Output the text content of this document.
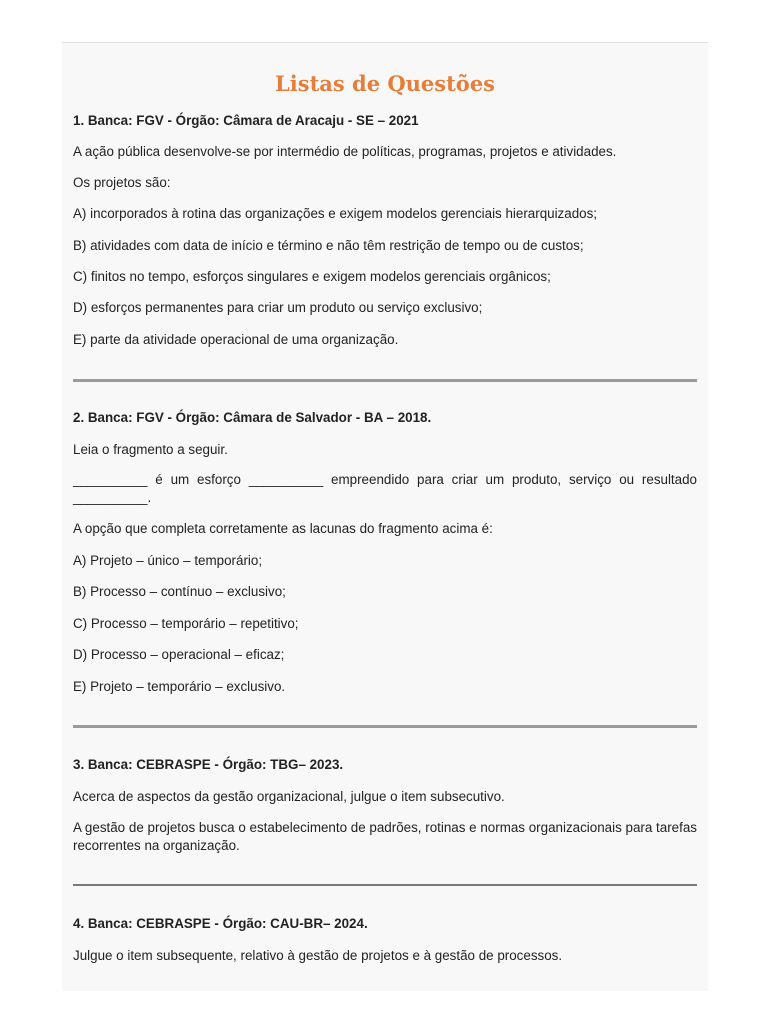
Listas de Questões

1. Banca: FGV - Órgão: Câmara de Aracaju - SE – 2021

A ação pública desenvolve-se por intermédio de políticas, programas, projetos e atividades.

Os projetos são:

A) incorporados à rotina das organizações e exigem modelos gerenciais hierarquizados;

B) atividades com data de início e término e não têm restrição de tempo ou de custos;

C) finitos no tempo, esforços singulares e exigem modelos gerenciais orgânicos;

D) esforços permanentes para criar um produto ou serviço exclusivo;

E) parte da atividade operacional de uma organização.

2. Banca: FGV - Órgão: Câmara de Salvador - BA – 2018.

Leia o fragmento a seguir.

__________ é um esforço __________ empreendido para criar um produto, serviço ou resultado __________.

A opção que completa corretamente as lacunas do fragmento acima é:

A) Projeto – único – temporário;

B) Processo – contínuo – exclusivo;

C) Processo – temporário – repetitivo;

D) Processo – operacional – eficaz;

E) Projeto – temporário – exclusivo.

3. Banca: CEBRASPE - Órgão: TBG– 2023.

Acerca de aspectos da gestão organizacional, julgue o item subsecutivo.

A gestão de projetos busca o estabelecimento de padrões, rotinas e normas organizacionais para tarefas recorrentes na organização.

4. Banca: CEBRASPE - Órgão: CAU-BR– 2024.

Julgue o item subsequente, relativo à gestão de projetos e à gestão de processos.
